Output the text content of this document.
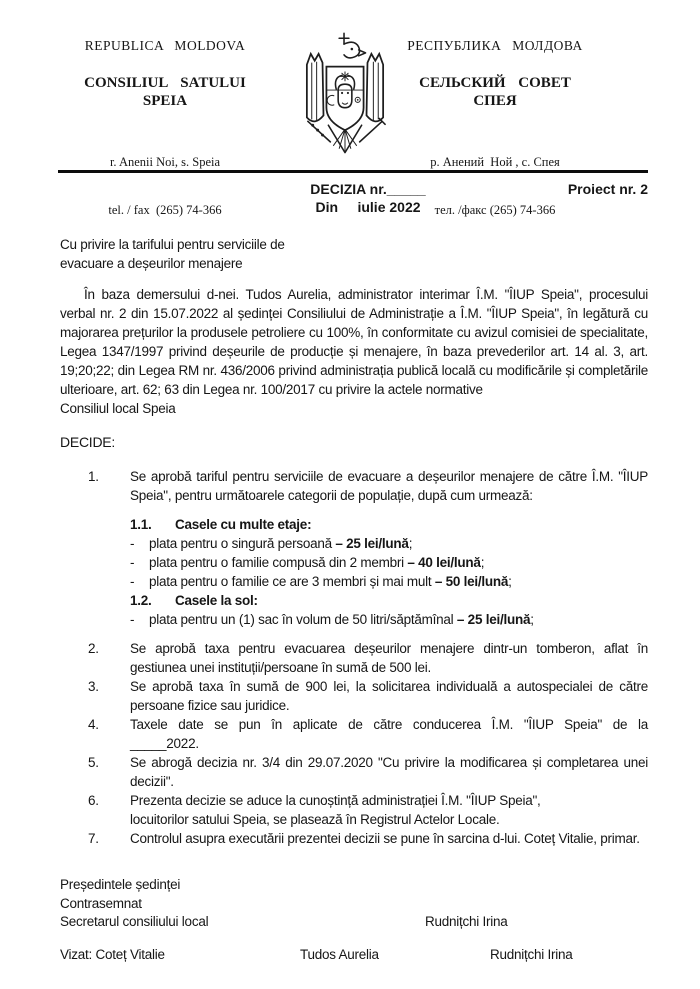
REPUBLICA MOLDOVA
CONSILIUL SATULUI
SPEIA

r. Anenii Noi, s. Speia

tel. / fax  (265) 74-366

РЕСПУБЛИКА МОЛДОВА
СЕЛЬСКИЙ СОВЕТ
СПЕЯ

р. Анений  Ной , с. Спея

тел. /факс (265) 74-366

DECIZIA nr._____	Proiect nr. 2
Din     iulie 2022
Cu privire la tarifului pentru serviciile de
evacuare a deșeurilor menajere
În baza demersului d-nei. Tudos Aurelia, administrator interimar Î.M. "ÎIUP Speia", procesului verbal nr. 2 din 15.07.2022 al ședinței Consiliului de Administrație a Î.M. "ÎIUP Speia", în legătură cu majorarea prețurilor la produsele petroliere cu 100%, în conformitate cu avizul comisiei de specialitate, Legea 1347/1997 privind deșeurile de producție și menajere, în baza prevederilor art. 14 al. 3, art. 19;20;22; din Legea RM nr. 436/2006 privind administrația publică locală cu modificările și completările ulterioare, art. 62; 63 din Legea nr. 100/2017 cu privire la actele normative
Consiliul local Speia
DECIDE:
1.	Se aprobă tariful pentru serviciile de evacuare a deșeurilor menajere de către Î.M. "ÎIUP Speia", pentru următoarele categorii de populație, după cum urmează:
1.1.	Casele cu multe etaje:
-	plata pentru o singură persoană – 25 lei/lună;
-	plata pentru o familie compusă din 2 membri – 40 lei/lună;
-	plata pentru o familie ce are 3 membri și mai mult – 50 lei/lună;
1.2.	Casele la sol:
-	plata pentru un (1) sac în volum de 50 litri/săptămînal – 25 lei/lună;
2.	Se aprobă taxa pentru evacuarea deșeurilor menajere dintr-un tomberon, aflat în gestiunea unei instituții/persoane în sumă de 500 lei.
3.	Se aprobă taxa în sumă de 900 lei, la solicitarea individuală a autospecialei de către persoane fizice sau juridice.
4.	Taxele date se pun în aplicate de către conducerea Î.M. "ÎIUP Speia" de la
_____2022.
5.	Se abrogă decizia nr. 3/4 din 29.07.2020 "Cu privire la modificarea și completarea unei decizii".
6.	Prezenta decizie se aduce la cunoștință administrației Î.M. "ÎIUP Speia",
locuitorilor satului Speia, se plasează în Registrul Actelor Locale.
7.	Controlul asupra executării prezentei decizii se pune în sarcina d-lui. Coteț Vitalie, primar.
Președintele ședinței
Contrasemnat
Secretarul consiliului local	Rudnițchi Irina
Vizat: Coteț Vitalie	Tudos Aurelia	Rudnițchi Irina
